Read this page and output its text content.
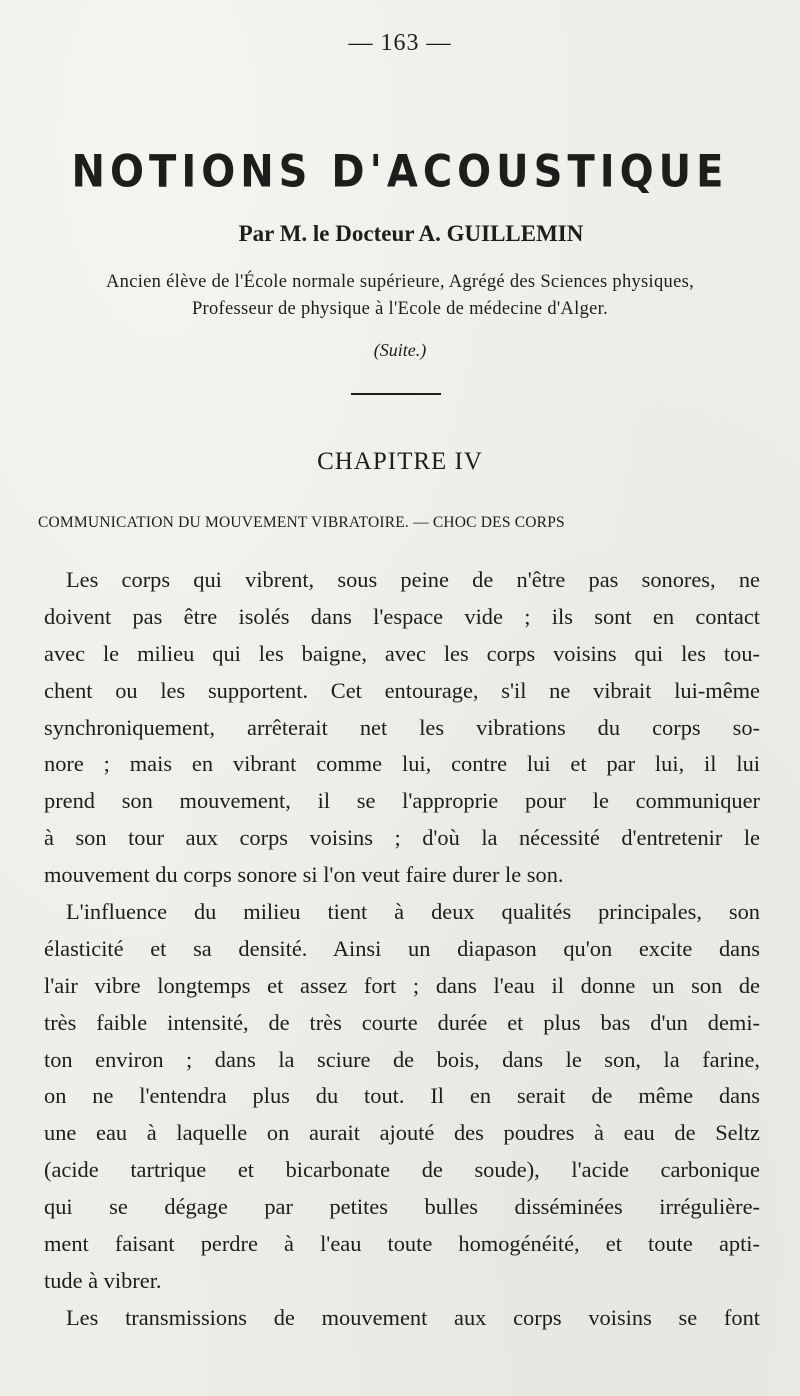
— 163 —
NOTIONS D'ACOUSTIQUE
Par M. le Docteur A. GUILLEMIN
Ancien élève de l'École normale supérieure, Agrégé des Sciences physiques,
Professeur de physique à l'Ecole de médecine d'Alger.
(Suite.)
CHAPITRE IV
COMMUNICATION DU MOUVEMENT VIBRATOIRE. — CHOC DES CORPS
Les corps qui vibrent, sous peine de n'être pas sonores, ne
doivent pas être isolés dans l'espace vide ; ils sont en contact
avec le milieu qui les baigne, avec les corps voisins qui les tou-
chent ou les supportent. Cet entourage, s'il ne vibrait lui-même
synchroniquement, arrêterait net les vibrations du corps so-
nore ; mais en vibrant comme lui, contre lui et par lui, il lui
prend son mouvement, il se l'approprie pour le communiquer
à son tour aux corps voisins ; d'où la nécessité d'entretenir le
mouvement du corps sonore si l'on veut faire durer le son.
L'influence du milieu tient à deux qualités principales, son
élasticité et sa densité. Ainsi un diapason qu'on excite dans
l'air vibre longtemps et assez fort ; dans l'eau il donne un son de
très faible intensité, de très courte durée et plus bas d'un demi-
ton environ ; dans la sciure de bois, dans le son, la farine,
on ne l'entendra plus du tout. Il en serait de même dans
une eau à laquelle on aurait ajouté des poudres à eau de Seltz
(acide tartrique et bicarbonate de soude), l'acide carbonique
qui se dégage par petites bulles disséminées irrégulière-
ment faisant perdre à l'eau toute homogénéité, et toute apti-
tude à vibrer.
Les transmissions de mouvement aux corps voisins se font
